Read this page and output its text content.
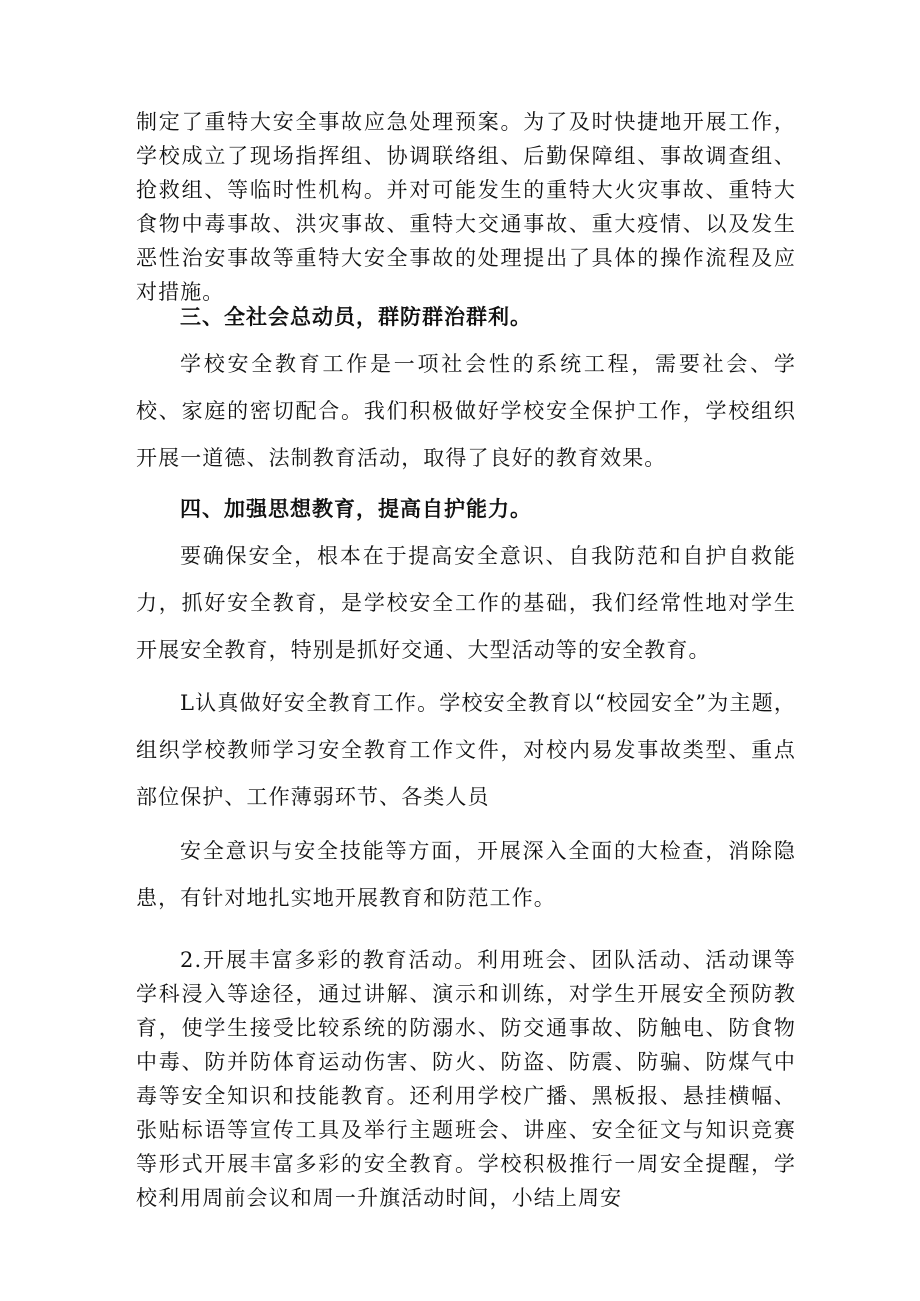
制定了重特大安全事故应急处理预案。为了及时快捷地开展工作，学校成立了现场指挥组、协调联络组、后勤保障组、事故调查组、抢救组、等临时性机构。并对可能发生的重特大火灾事故、重特大食物中毒事故、洪灾事故、重特大交通事故、重大疫情、以及发生恶性治安事故等重特大安全事故的处理提出了具体的操作流程及应对措施。

三、全社会总动员，群防群治群利。

学校安全教育工作是一项社会性的系统工程，需要社会、学校、家庭的密切配合。我们积极做好学校安全保护工作，学校组织开展一道德、法制教育活动，取得了良好的教育效果。

四、加强思想教育，提高自护能力。

要确保安全，根本在于提高安全意识、自我防范和自护自救能力，抓好安全教育，是学校安全工作的基础，我们经常性地对学生开展安全教育，特别是抓好交通、大型活动等的安全教育。

L认真做好安全教育工作。学校安全教育以“校园安全”为主题，组织学校教师学习安全教育工作文件，对校内易发事故类型、重点部位保护、工作薄弱环节、各类人员

安全意识与安全技能等方面，开展深入全面的大检查，消除隐患，有针对地扎实地开展教育和防范工作。

2.开展丰富多彩的教育活动。利用班会、团队活动、活动课等学科浸入等途径，通过讲解、演示和训练，对学生开展安全预防教育，使学生接受比较系统的防溺水、防交通事故、防触电、防食物中毒、防并防体育运动伤害、防火、防盗、防震、防骗、防煤气中毒等安全知识和技能教育。还利用学校广播、黑板报、悬挂横幅、张贴标语等宣传工具及举行主题班会、讲座、安全征文与知识竞赛等形式开展丰富多彩的安全教育。学校积极推行一周安全提醒，学校利用周前会议和周一升旗活动时间，小结上周安
